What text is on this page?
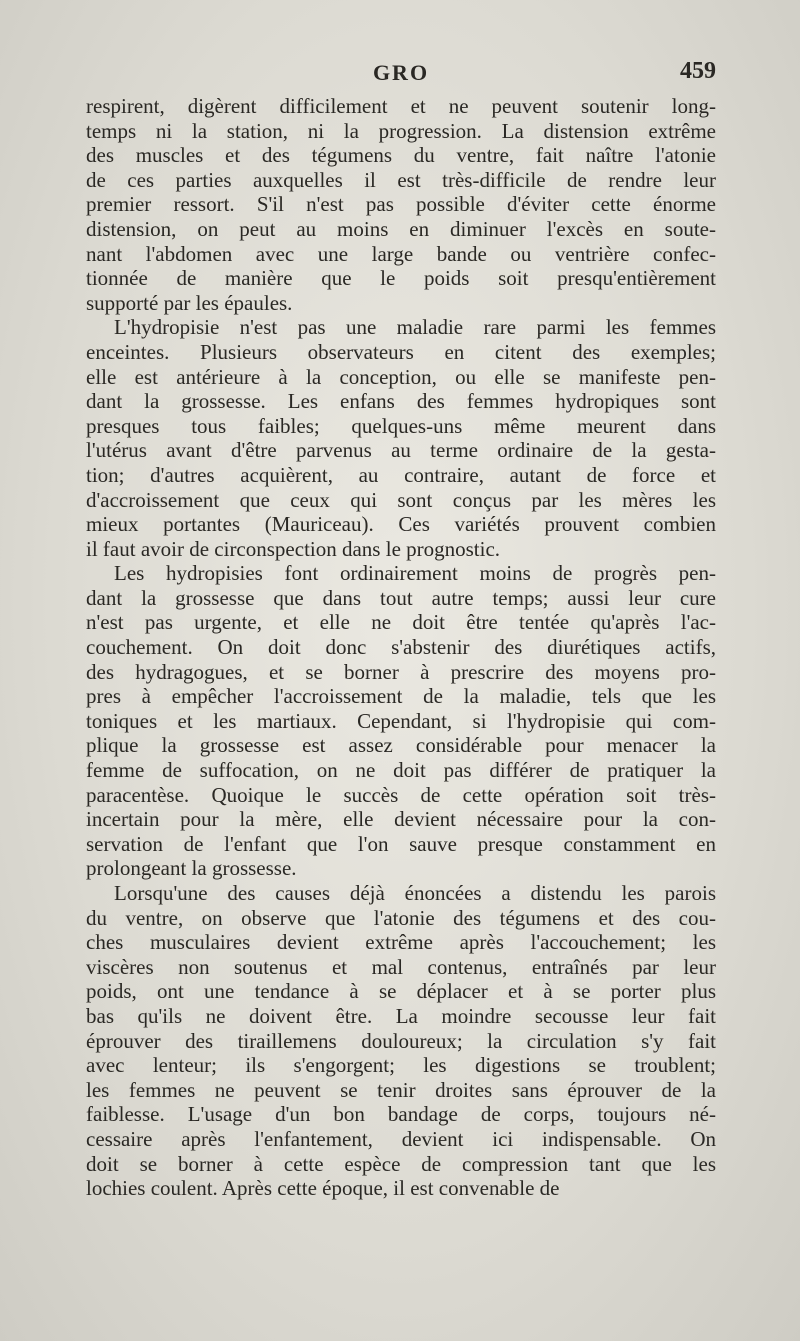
GRO	459

respirent, digèrent difficilement et ne peuvent soutenir long-
temps ni la station, ni la progression. La distension extrême
des muscles et des tégumens du ventre, fait naître l'atonie
de ces parties auxquelles il est très-difficile de rendre leur
premier ressort. S'il n'est pas possible d'éviter cette énorme
distension, on peut au moins en diminuer l'excès en soute-
nant l'abdomen avec une large bande ou ventrière confec-
tionnée de manière que le poids soit presqu'entièrement
supporté par les épaules.

L'hydropisie n'est pas une maladie rare parmi les femmes
enceintes. Plusieurs observateurs en citent des exemples;
elle est antérieure à la conception, ou elle se manifeste pen-
dant la grossesse. Les enfans des femmes hydropiques sont
presques tous faibles; quelques-uns même meurent dans
l'utérus avant d'être parvenus au terme ordinaire de la gesta-
tion; d'autres acquièrent, au contraire, autant de force et
d'accroissement que ceux qui sont conçus par les mères les
mieux portantes (Mauriceau). Ces variétés prouvent combien
il faut avoir de circonspection dans le prognostic.

Les hydropisies font ordinairement moins de progrès pen-
dant la grossesse que dans tout autre temps; aussi leur cure
n'est pas urgente, et elle ne doit être tentée qu'après l'ac-
couchement. On doit donc s'abstenir des diurétiques actifs,
des hydragogues, et se borner à prescrire des moyens pro-
pres à empêcher l'accroissement de la maladie, tels que les
toniques et les martiaux. Cependant, si l'hydropisie qui com-
plique la grossesse est assez considérable pour menacer la
femme de suffocation, on ne doit pas différer de pratiquer la
paracentèse. Quoique le succès de cette opération soit très-
incertain pour la mère, elle devient nécessaire pour la con-
servation de l'enfant que l'on sauve presque constamment en
prolongeant la grossesse.

Lorsqu'une des causes déjà énoncées a distendu les parois
du ventre, on observe que l'atonie des tégumens et des cou-
ches musculaires devient extrême après l'accouchement; les
viscères non soutenus et mal contenus, entraînés par leur
poids, ont une tendance à se déplacer et à se porter plus
bas qu'ils ne doivent être. La moindre secousse leur fait
éprouver des tiraillemens douloureux; la circulation s'y fait
avec lenteur; ils s'engorgent; les digestions se troublent;
les femmes ne peuvent se tenir droites sans éprouver de la
faiblesse. L'usage d'un bon bandage de corps, toujours né-
cessaire après l'enfantement, devient ici indispensable. On
doit se borner à cette espèce de compression tant que les
lochies coulent. Après cette époque, il est convenable de
